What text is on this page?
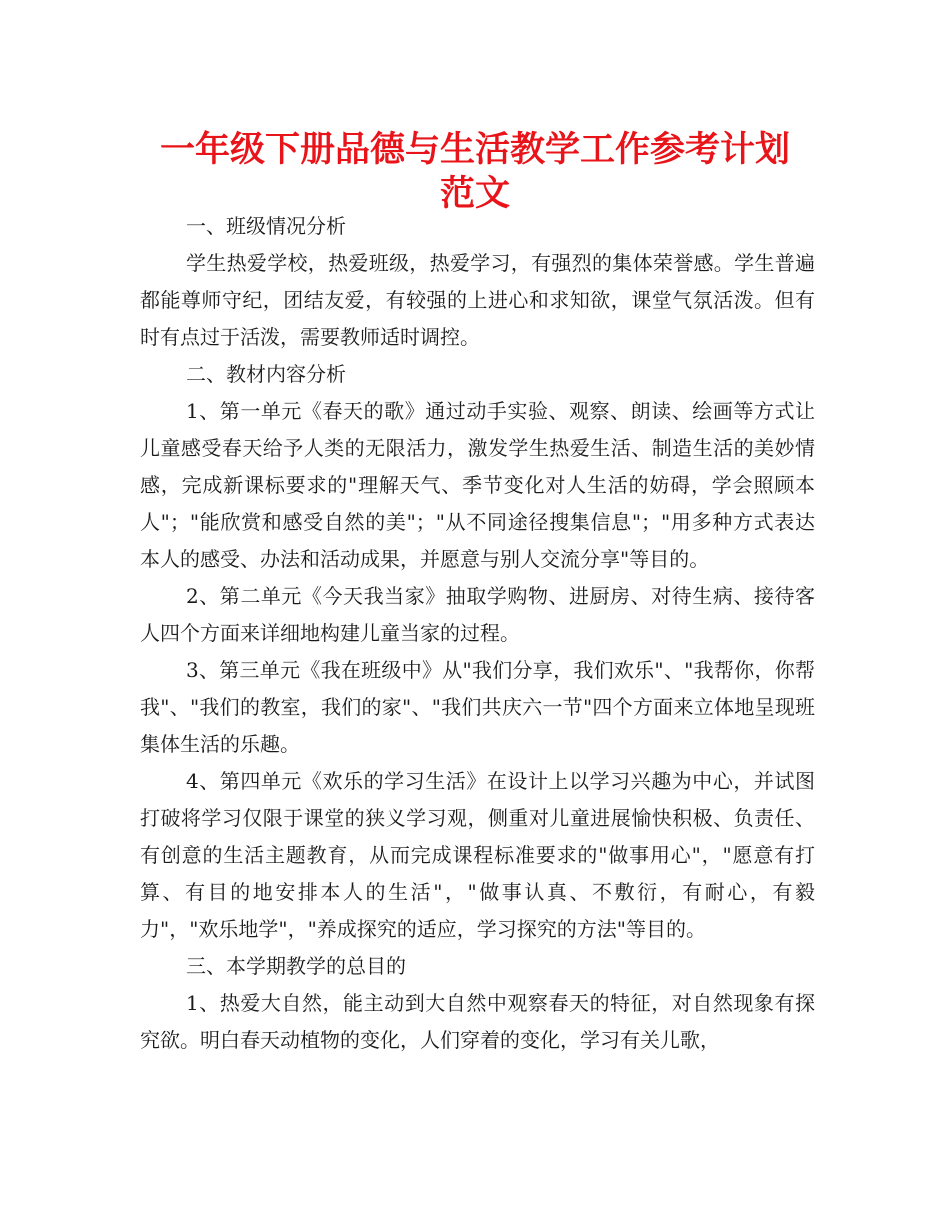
一年级下册品德与生活教学工作参考计划
范文

一、班级情况分析

学生热爱学校，热爱班级，热爱学习，有强烈的集体荣誉感。学生普遍都能尊师守纪，团结友爱，有较强的上进心和求知欲，课堂气氛活泼。但有时有点过于活泼，需要教师适时调控。

二、教材内容分析

1、第一单元《春天的歌》通过动手实验、观察、朗读、绘画等方式让儿童感受春天给予人类的无限活力，激发学生热爱生活、制造生活的美妙情感，完成新课标要求的"理解天气、季节变化对人生活的妨碍，学会照顾本人"；"能欣赏和感受自然的美"；"从不同途径搜集信息"；"用多种方式表达本人的感受、办法和活动成果，并愿意与别人交流分享"等目的。

2、第二单元《今天我当家》抽取学购物、进厨房、对待生病、接待客人四个方面来详细地构建儿童当家的过程。

3、第三单元《我在班级中》从"我们分享，我们欢乐"、"我帮你，你帮我"、"我们的教室，我们的家"、"我们共庆六一节"四个方面来立体地呈现班集体生活的乐趣。

4、第四单元《欢乐的学习生活》在设计上以学习兴趣为中心，并试图打破将学习仅限于课堂的狭义学习观，侧重对儿童进展愉快积极、负责任、有创意的生活主题教育，从而完成课程标准要求的"做事用心"，"愿意有打算、有目的地安排本人的生活"，"做事认真、不敷衍，有耐心，有毅力"，"欢乐地学"，"养成探究的适应，学习探究的方法"等目的。

三、本学期教学的总目的

1、热爱大自然，能主动到大自然中观察春天的特征，对自然现象有探究欲。明白春天动植物的变化，人们穿着的变化，学习有关儿歌，
